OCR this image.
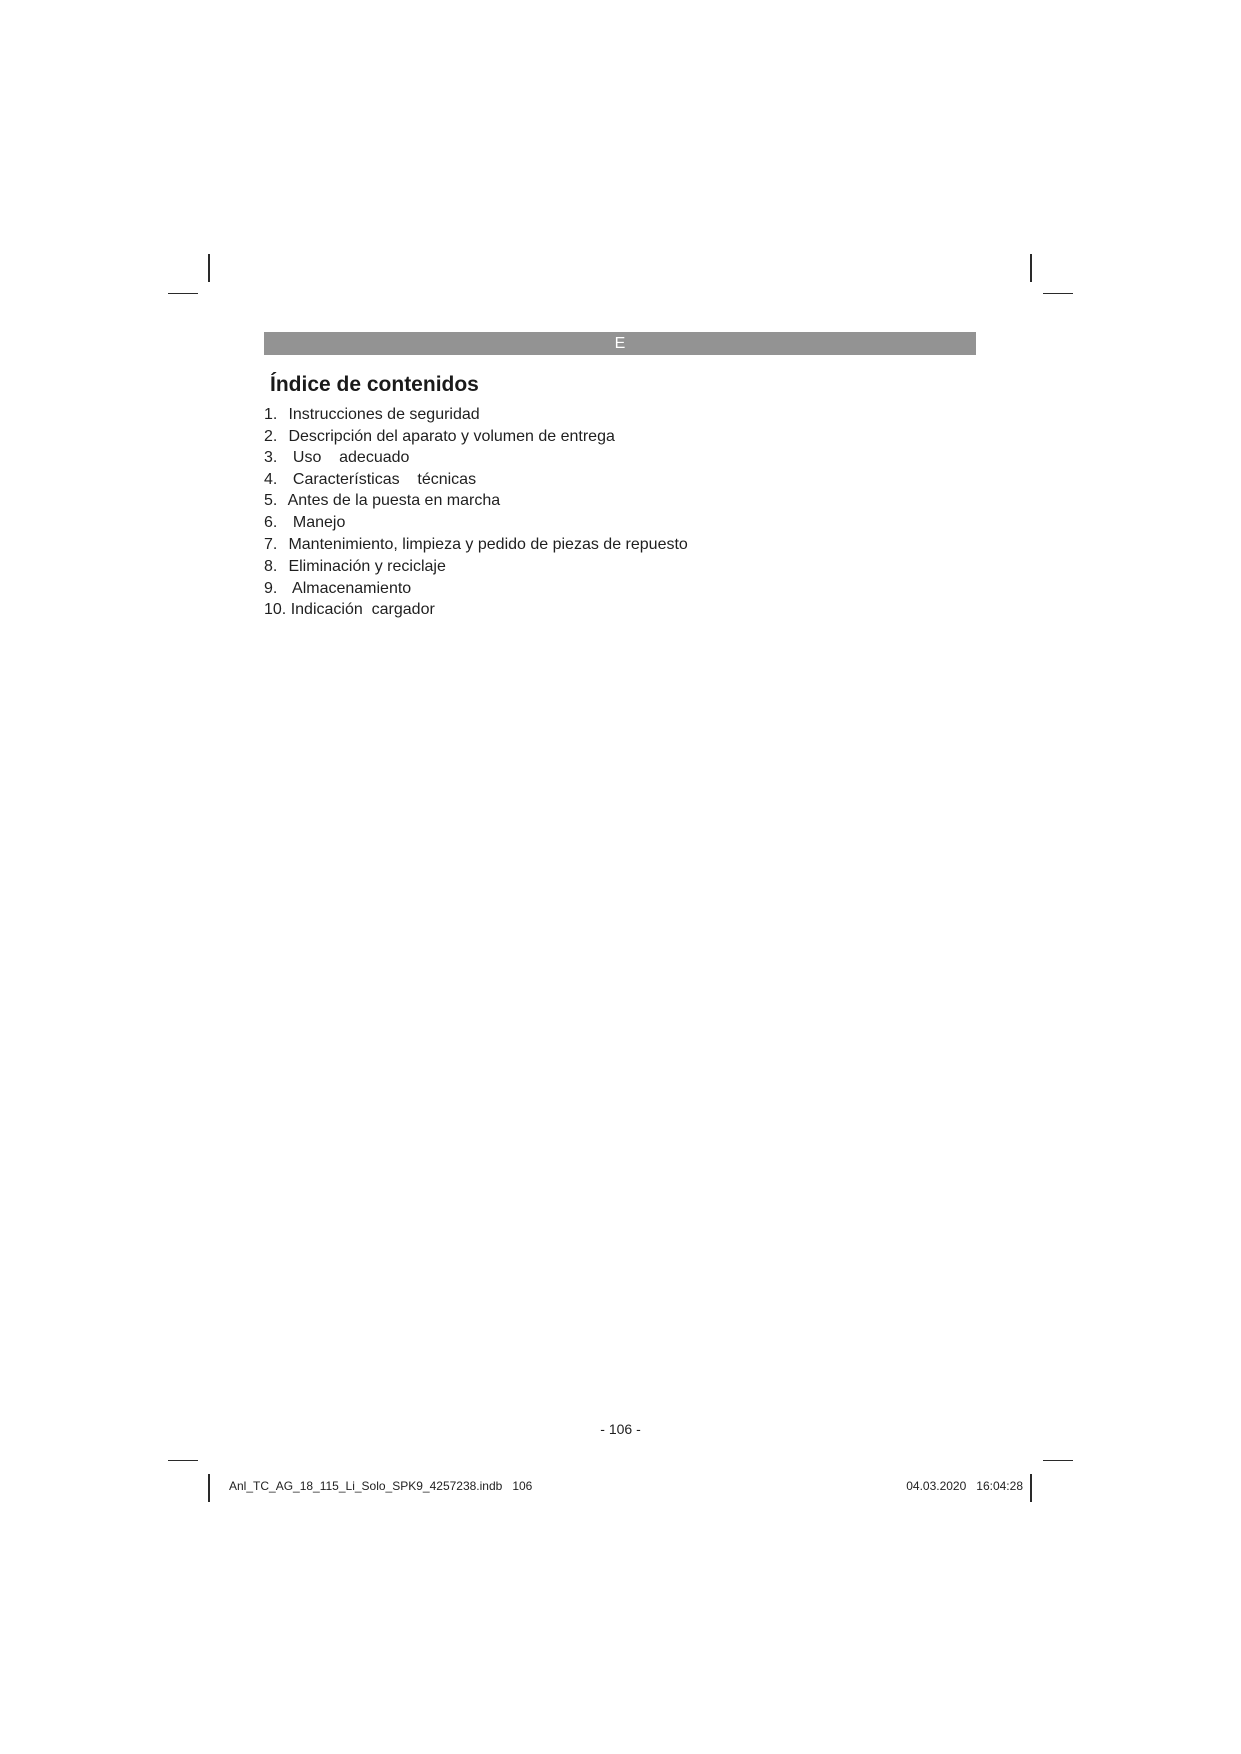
E
Índice de contenidos
1. Instrucciones de seguridad
2. Descripción del aparato y volumen de entrega
3. Uso    adecuado
4. Características    técnicas
5. Antes de la puesta en marcha
6. Manejo
7. Mantenimiento, limpieza y pedido de piezas de repuesto
8. Eliminación y reciclaje
9. Almacenamiento
10. Indicación  cargador
- 106 -
Anl_TC_AG_18_115_Li_Solo_SPK9_4257238.indb   106	04.03.2020   16:04:28
